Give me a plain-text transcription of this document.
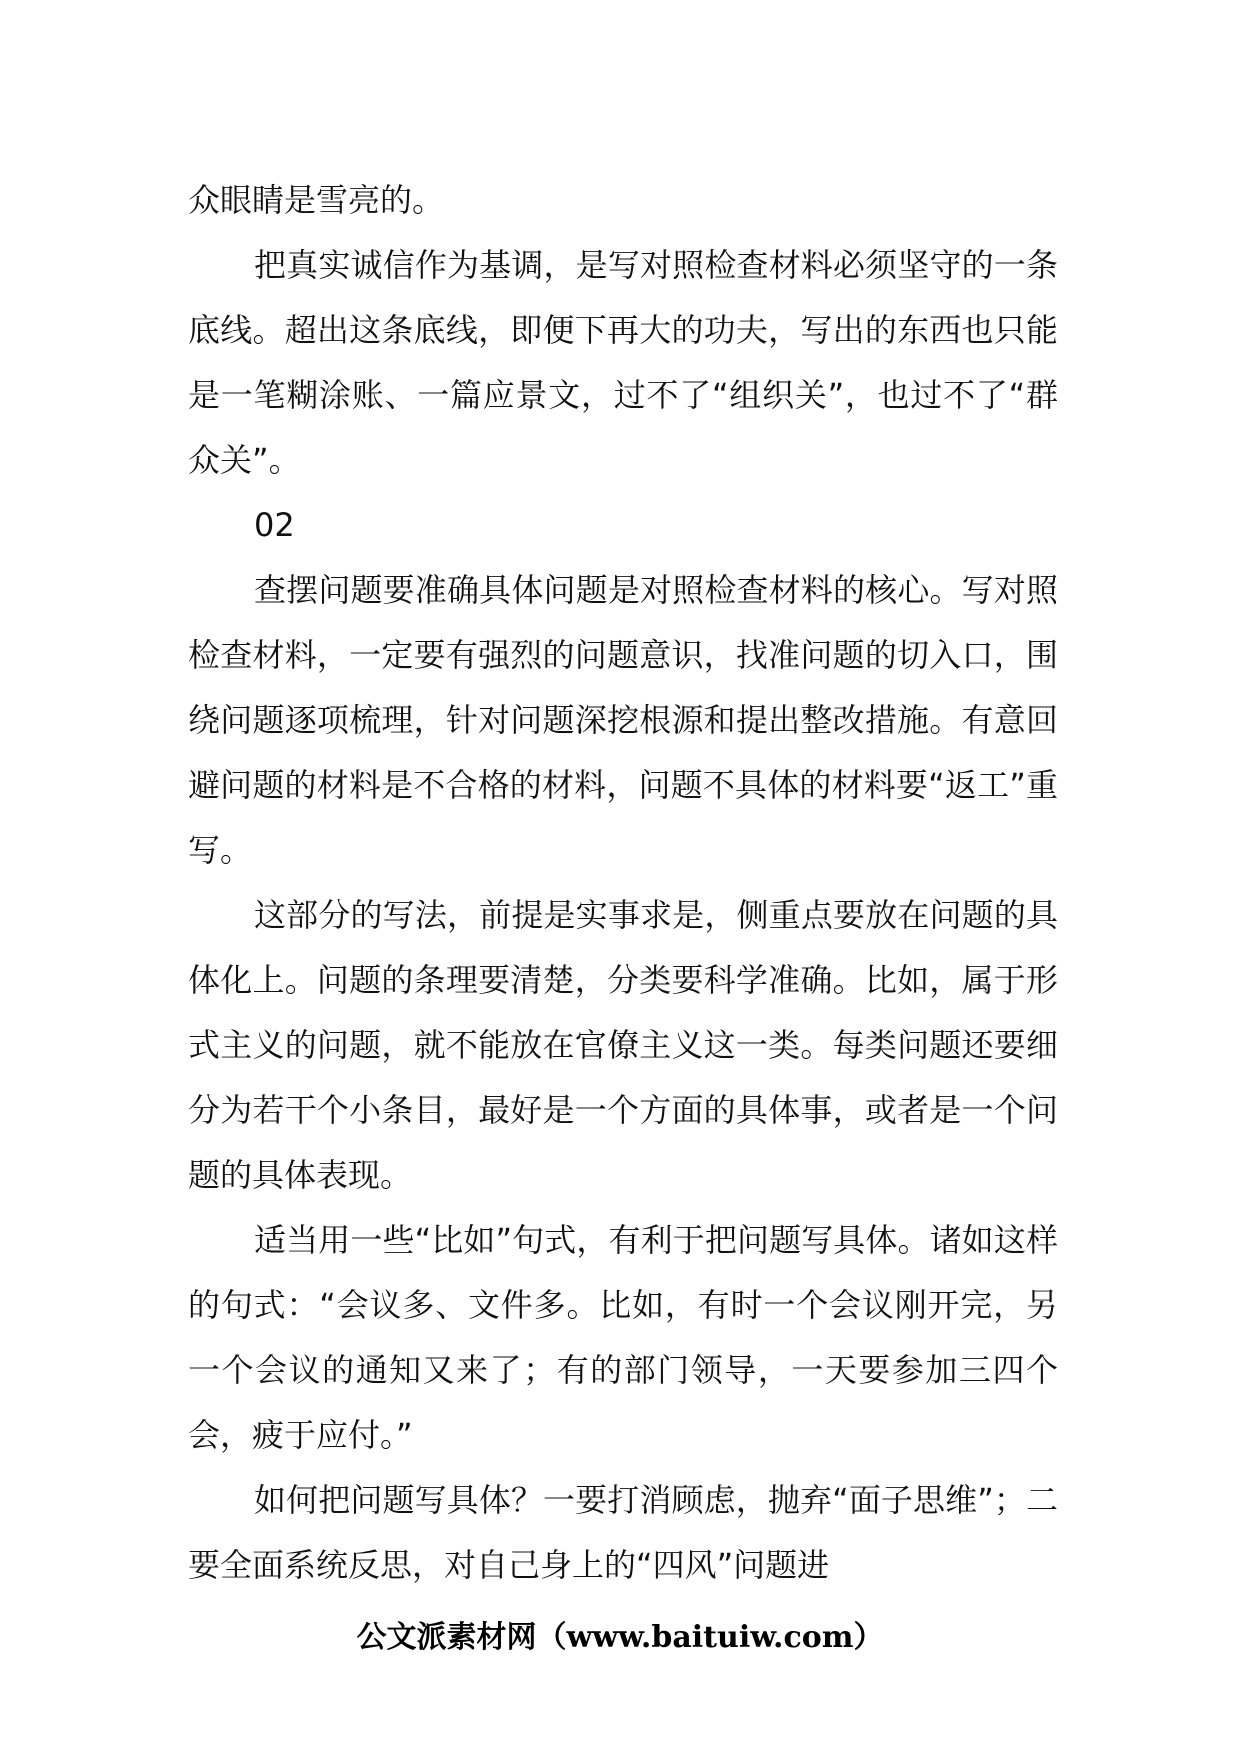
众眼睛是雪亮的。

把真实诚信作为基调，是写对照检查材料必须坚守的一条底线。超出这条底线，即便下再大的功夫，写出的东西也只能是一笔糊涂账、一篇应景文，过不了“组织关”，也过不了“群众关”。

02

查摆问题要准确具体问题是对照检查材料的核心。写对照检查材料，一定要有强烈的问题意识，找准问题的切入口，围绕问题逐项梳理，针对问题深挖根源和提出整改措施。有意回避问题的材料是不合格的材料，问题不具体的材料要“返工”重写。

这部分的写法，前提是实事求是，侧重点要放在问题的具体化上。问题的条理要清楚，分类要科学准确。比如，属于形式主义的问题，就不能放在官僚主义这一类。每类问题还要细分为若干个小条目，最好是一个方面的具体事，或者是一个问题的具体表现。

适当用一些“比如”句式，有利于把问题写具体。诸如这样的句式：“会议多、文件多。比如，有时一个会议刚开完，另一个会议的通知又来了；有的部门领导，一天要参加三四个会，疲于应付。”

如何把问题写具体？一要打消顾虑，抛弃“面子思维”；二要全面系统反思，对自己身上的“四风”问题进

公文派素材网（www.baituiw.com）
